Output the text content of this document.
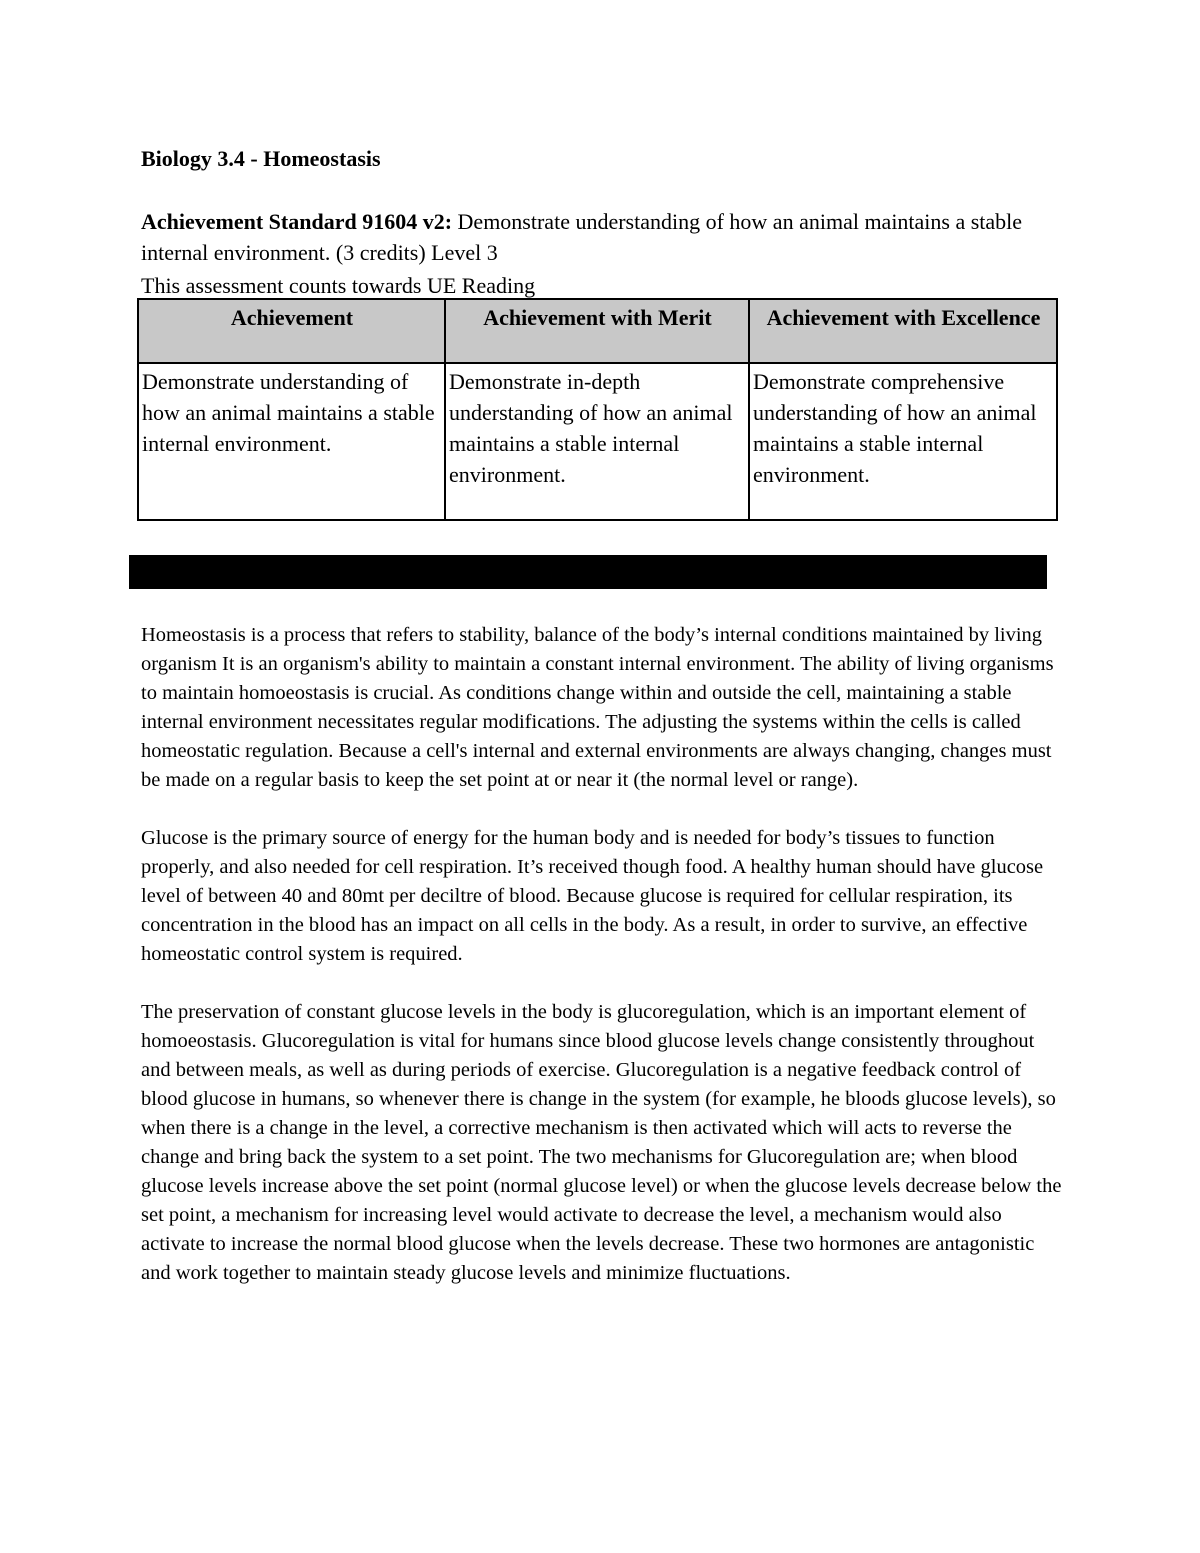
Biology 3.4 - Homeostasis

Achievement Standard 91604 v2: Demonstrate understanding of how an animal maintains a stable internal environment. (3 credits) Level 3

This assessment counts towards UE Reading

Achievement	Achievement with Merit	Achievement with Excellence
Demonstrate understanding of how an animal maintains a stable internal environment.	Demonstrate in-depth understanding of how an animal maintains a stable internal environment.	Demonstrate comprehensive understanding of how an animal maintains a stable internal environment.

Homeostasis is a process that refers to stability, balance of the body’s internal conditions maintained by living organism It is an organism's ability to maintain a constant internal environment. The ability of living organisms to maintain homoeostasis is crucial. As conditions change within and outside the cell, maintaining a stable internal environment necessitates regular modifications. The adjusting the systems within the cells is called homeostatic regulation. Because a cell's internal and external environments are always changing, changes must be made on a regular basis to keep the set point at or near it (the normal level or range).

Glucose is the primary source of energy for the human body and is needed for body’s tissues to function properly, and also needed for cell respiration. It’s received though food. A healthy human should have glucose level of between 40 and 80mt per deciltre of blood. Because glucose is required for cellular respiration, its concentration in the blood has an impact on all cells in the body. As a result, in order to survive, an effective homeostatic control system is required.

The preservation of constant glucose levels in the body is glucoregulation, which is an important element of homoeostasis. Glucoregulation is vital for humans since blood glucose levels change consistently throughout and between meals, as well as during periods of exercise. Glucoregulation is a negative feedback control of blood glucose in humans, so whenever there is change in the system (for example, he bloods glucose levels), so when there is a change in the level, a corrective mechanism is then activated which will acts to reverse the change and bring back the system to a set point. The two mechanisms for Glucoregulation are; when blood glucose levels increase above the set point (normal glucose level) or when the glucose levels decrease below the set point, a mechanism for increasing level would activate to decrease the level, a mechanism would also activate to increase the normal blood glucose when the levels decrease. These two hormones are antagonistic and work together to maintain steady glucose levels and minimize fluctuations.
